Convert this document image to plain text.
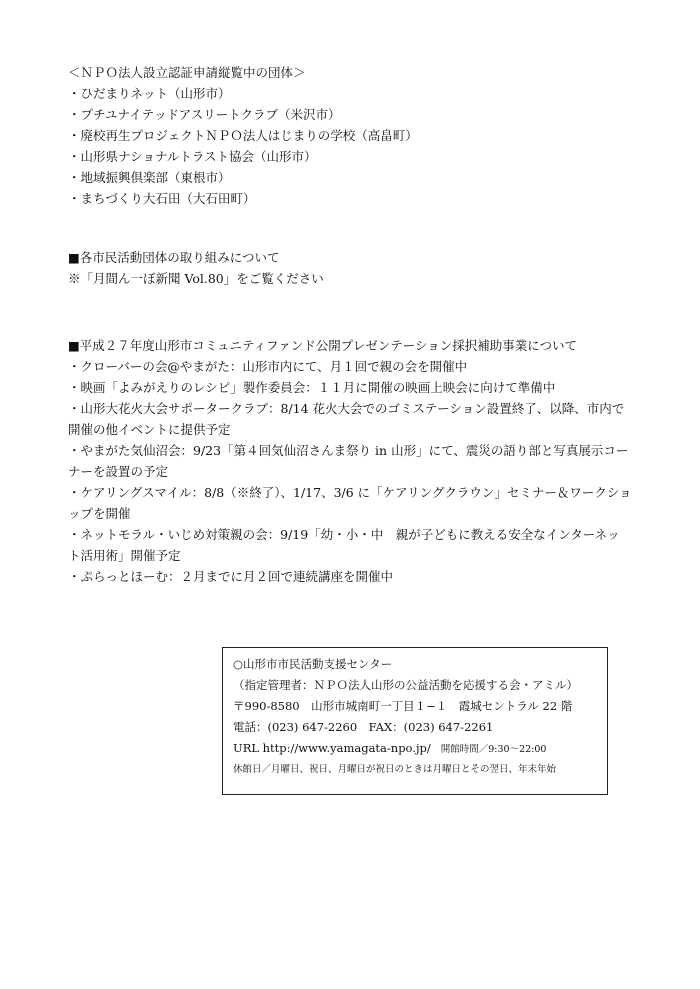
＜ＮＰＯ法人設立認証申請縦覧中の団体＞
・ひだまりネット（山形市）
・プチユナイテッドアスリートクラブ（米沢市）
・廃校再生プロジェクトＮＰＯ法人はじまりの学校（高畠町）
・山形県ナショナルトラスト協会（山形市）
・地域振興倶楽部（東根市）
・まちづくり大石田（大石田町）
■各市民活動団体の取り組みについて
※「月間ん一ぼ新聞 Vol.80」をご覧ください
■平成２７年度山形市コミュニティファンド公開プレゼンテーション採択補助事業について
・クローバーの会@やまがた：山形市内にて、月１回で親の会を開催中
・映画「よみがえりのレシピ」製作委員会：１１月に開催の映画上映会に向けて準備中
・山形大花火大会サポータークラブ：8/14 花火大会でのゴミステーション設置終了、以降、市内で
開催の他イベントに提供予定
・やまがた気仙沼会：9/23「第４回気仙沼さんま祭り in 山形」にて、震災の語り部と写真展示コー
ナーを設置の予定
・ケアリングスマイル：8/8（※終了）、1/17、3/6 に「ケアリングクラウン」セミナー＆ワークショ
ップを開催
・ネットモラル・いじめ対策親の会：9/19「幼・小・中　親が子どもに教える安全なインターネッ
ト活用術」開催予定
・ぷらっとほーむ：２月までに月２回で連続講座を開催中
○山形市市民活動支援センター
（指定管理者：ＮＰＯ法人山形の公益活動を応援する会・アミル）
〒990-8580　山形市城南町一丁目１−１　霞城セントラル 22 階
電話：(023) 647-2260　FAX：(023) 647-2261
URL http://www.yamagata-npo.jp/ 開館時間／9:30〜22:00
休館日／月曜日、祝日、月曜日が祝日のときは月曜日とその翌日、年末年始
